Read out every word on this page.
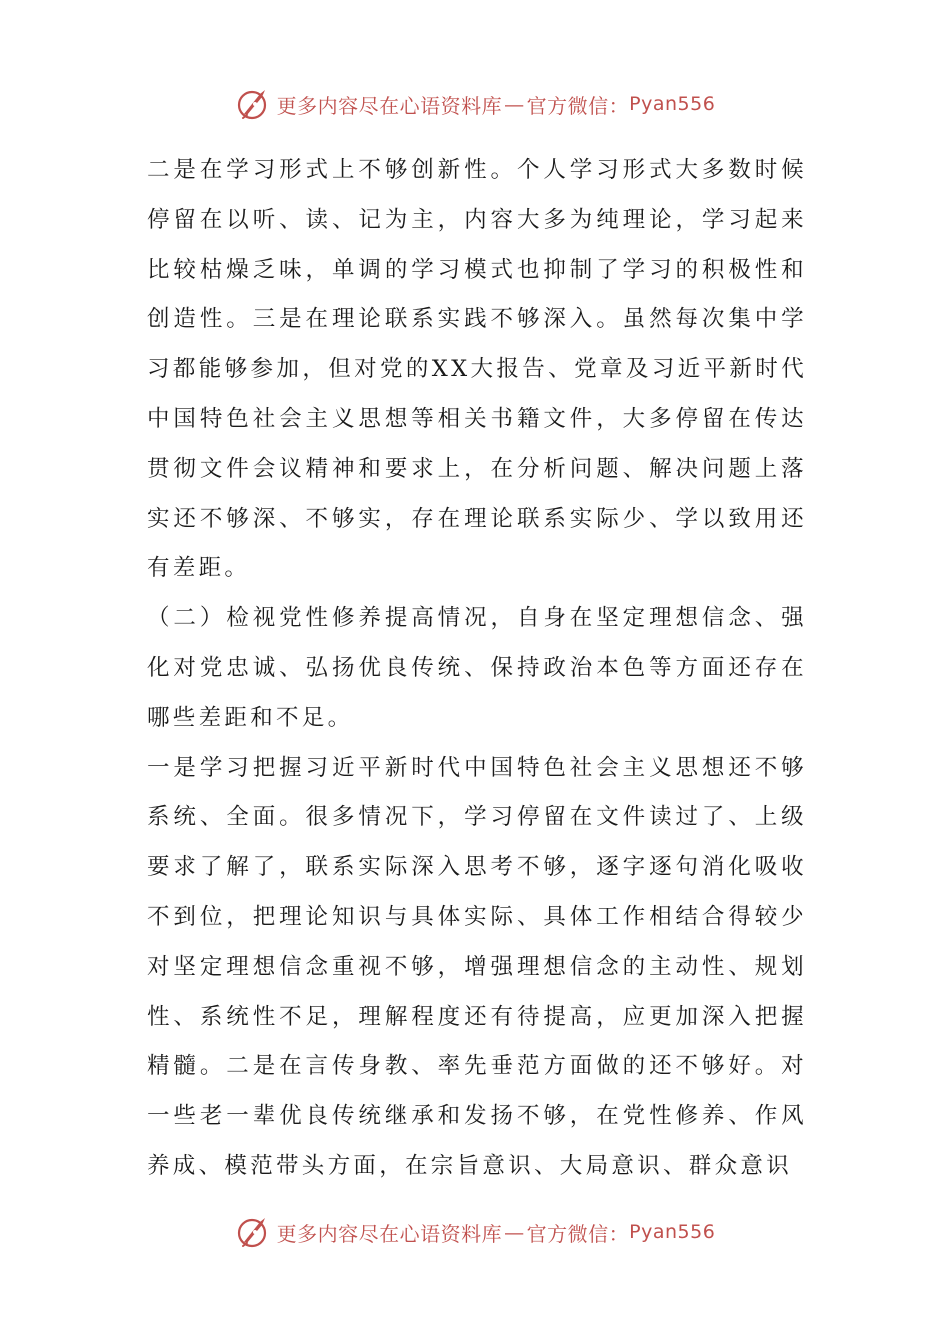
更多内容尽在心语资料库 — 官方微信： Pyan556

二是在学习形式上不够创新性。个人学习形式大多数时候停留在以听、读、记为主，内容大多为纯理论，学习起来比较枯燥乏味，单调的学习模式也抑制了学习的积极性和创造性。三是在理论联系实践不够深入。虽然每次集中学习都能够参加，但对党的XX大报告、党章及习近平新时代中国特色社会主义思想等相关书籍文件，大多停留在传达贯彻文件会议精神和要求上，在分析问题、解决问题上落实还不够深、不够实，存在理论联系实际少、学以致用还有差距。

（二）检视党性修养提高情况，自身在坚定理想信念、强化对党忠诚、弘扬优良传统、保持政治本色等方面还存在哪些差距和不足。

一是学习把握习近平新时代中国特色社会主义思想还不够系统、全面。很多情况下，学习停留在文件读过了、上级要求了解了，联系实际深入思考不够，逐字逐句消化吸收不到位，把理论知识与具体实际、具体工作相结合得较少对坚定理想信念重视不够，增强理想信念的主动性、规划性、系统性不足，理解程度还有待提高，应更加深入把握精髓。二是在言传身教、率先垂范方面做的还不够好。对一些老一辈优良传统继承和发扬不够，在党性修养、作风养成、模范带头方面，在宗旨意识、大局意识、群众意识

更多内容尽在心语资料库 — 官方微信： Pyan556
